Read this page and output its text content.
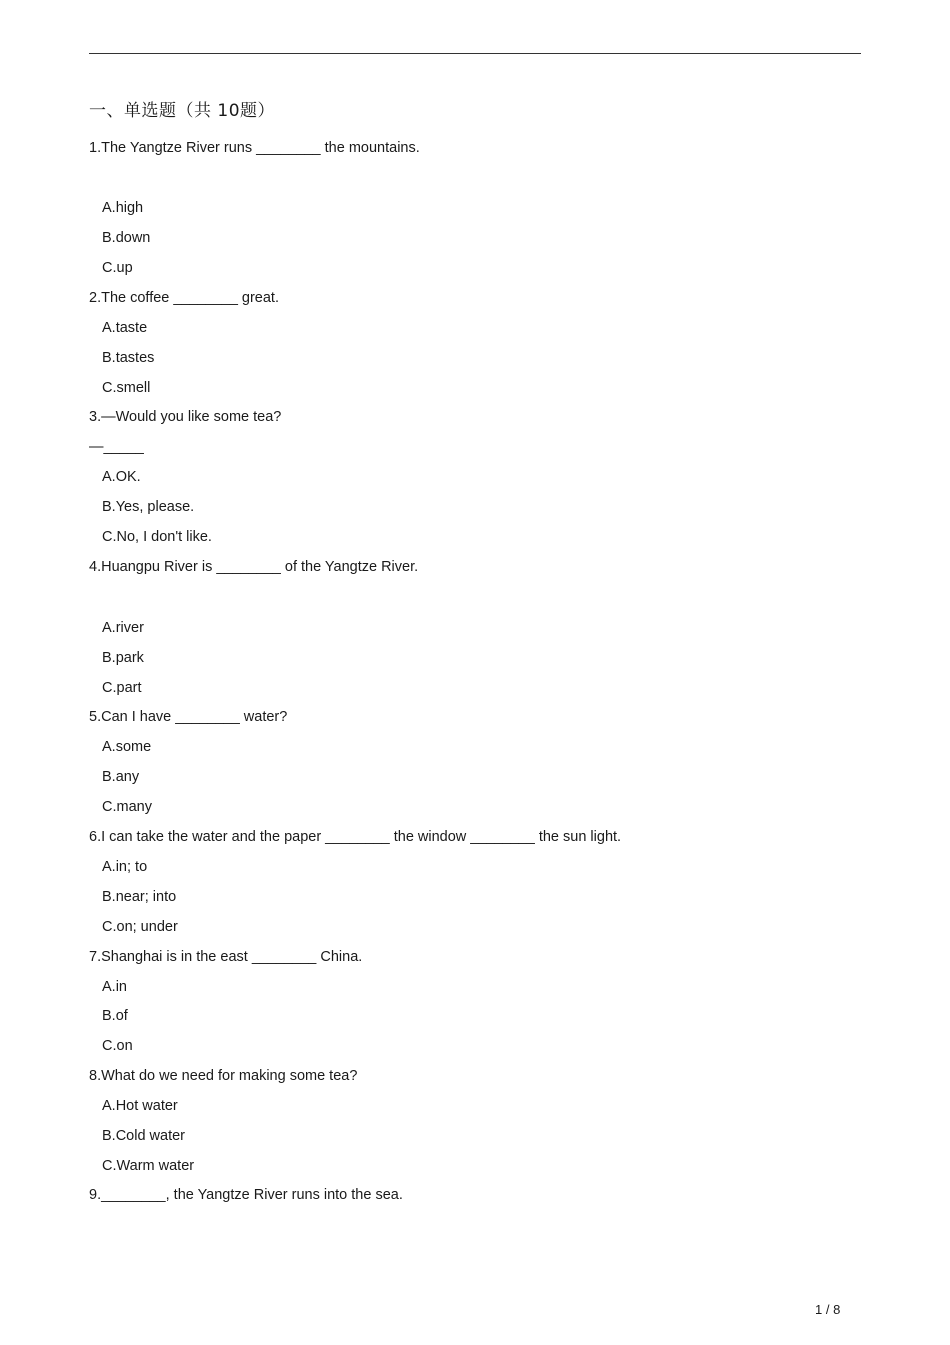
一、单选题（共 10题）
1.The Yangtze River runs ________ the mountains.
A.high
B.down
C.up
2.The coffee ________ great.
A.taste
B.tastes
C.smell
3.—Would you like some tea?
—_____
A.OK.
B.Yes, please.
C.No, I don't like.
4.Huangpu River is ________ of the Yangtze River.
A.river
B.park
C.part
5.Can I have ________ water?
A.some
B.any
C.many
6.I can take the water and the paper ________ the window ________ the sun light.
A.in; to
B.near; into
C.on; under
7.Shanghai is in the east ________ China.
A.in
B.of
C.on
8.What do we need for making some tea?
A.Hot water
B.Cold water
C.Warm water
9.________, the Yangtze River runs into the sea.
1 / 8
